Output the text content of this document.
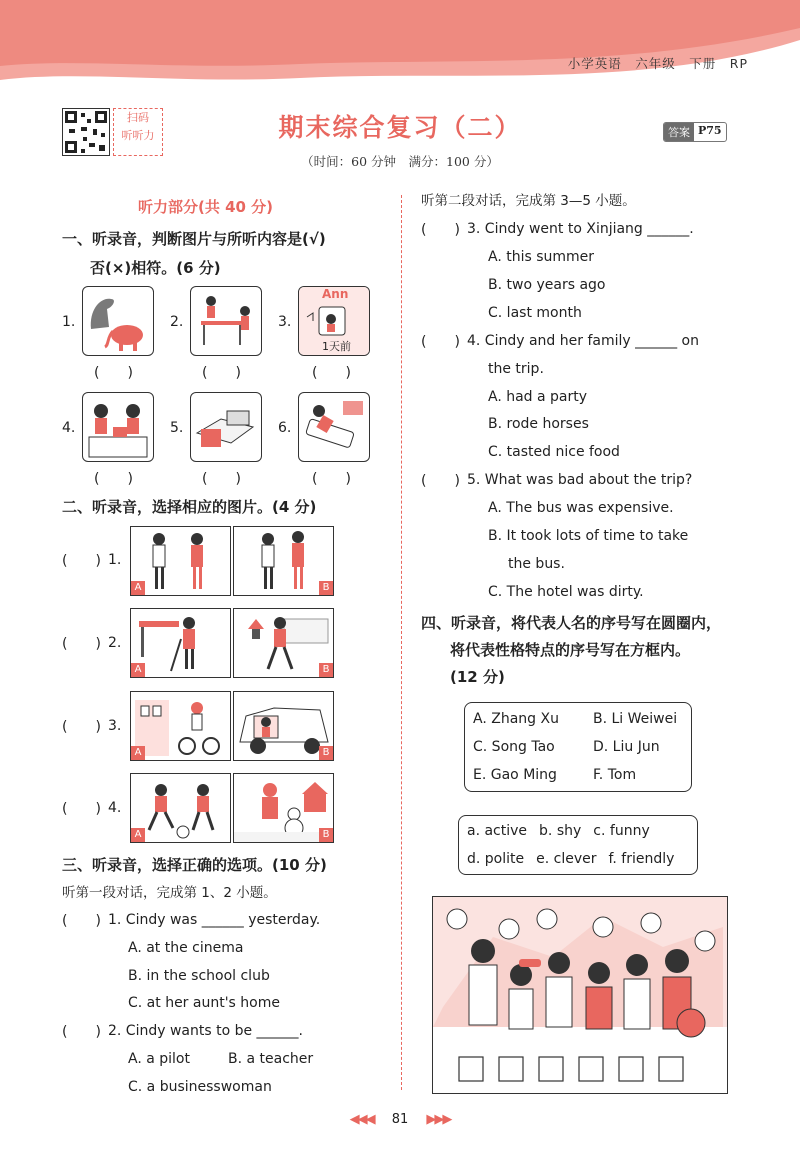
小学英语　六年级　下册　RP
扫码
听听力	期末综合复习（二）
（时间：60 分钟　满分：100 分）
答案 P75
听力部分(共 40 分)
一、听录音，判断图片与所听内容是(√)
否(×)相符。(6 分)
1.	2.	3.
Ann
1天前
(　　)	(　　)	(　　)
4.	5.	6.
(　　)	(　　)	(　　)
二、听录音，选择相应的图片。(4 分)
(　　) 1.
A	B
(　　) 2.
A	B
(　　) 3.
A	B
(　　) 4.
A	B
三、听录音，选择正确的选项。(10 分)
听第一段对话，完成第 1、2 小题。
(　　) 1. Cindy was ______ yesterday.
A. at the cinema
B. in the school club
C. at her aunt's home
(　　) 2. Cindy wants to be ______.
A. a pilot	B. a teacher
C. a businesswoman
听第二段对话，完成第 3—5 小题。
(　　) 3. Cindy went to Xinjiang ______.
A. this summer
B. two years ago
C. last month
(　　) 4. Cindy and her family ______ on
the trip.
A. had a party
B. rode horses
C. tasted nice food
(　　) 5. What was bad about the trip?
A. The bus was expensive.
B. It took lots of time to take
the bus.
C. The hotel was dirty.
四、听录音，将代表人名的序号写在圆圈内，
将代表性格特点的序号写在方框内。
(12 分)
A. Zhang Xu	B. Li Weiwei
C. Song Tao	D. Liu Jun
E. Gao Ming	F. Tom
a. active b. shy c. funny
d. polite e. clever f. friendly
◀◀◀ 81 ▶▶▶
